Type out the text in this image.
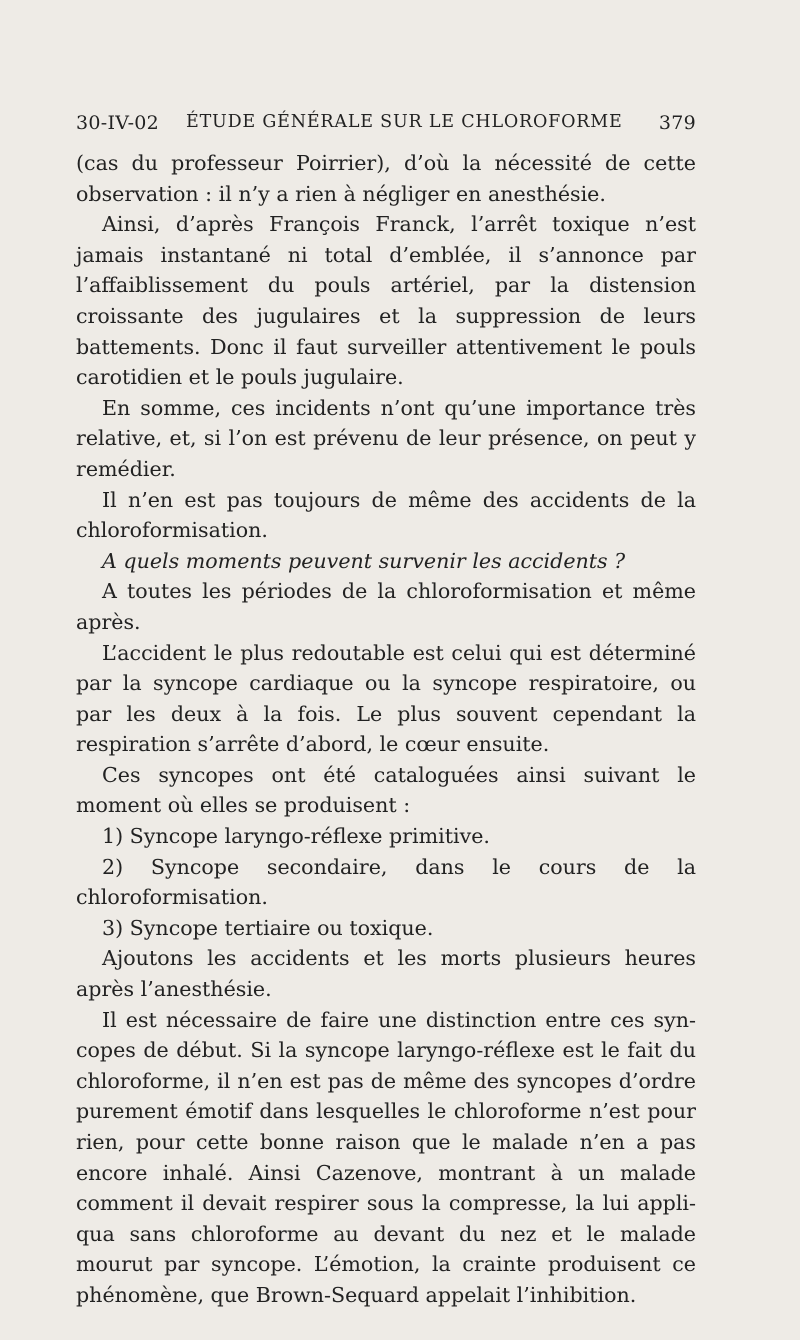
30-IV-02 ÉTUDE GÉNÉRALE SUR LE CHLOROFORME 379

(cas du professeur Poirrier), d’où la nécessité de cette observation : il n’y a rien à négliger en anesthésie.

Ainsi, d’après François Franck, l’arrêt toxique n’est jamais instantané ni total d’emblée, il s’annonce par l’affaiblissement du pouls artériel, par la distension croissante des jugulaires et la suppression de leurs battements. Donc il faut surveiller attentivement le pouls carotidien et le pouls jugulaire.

En somme, ces incidents n’ont qu’une importance très relative, et, si l’on est prévenu de leur présence, on peut y remédier.

Il n’en est pas toujours de même des accidents de la chloroformisation.

A quels moments peuvent survenir les accidents ?

A toutes les périodes de la chloroformisation et même après.

L’accident le plus redoutable est celui qui est déterminé par la syncope cardiaque ou la syncope respiratoire, ou par les deux à la fois. Le plus souvent cependant la respiration s’arrête d’abord, le cœur ensuite.

Ces syncopes ont été cataloguées ainsi suivant le moment où elles se produisent :

1) Syncope laryngo-réflexe primitive.

2) Syncope secondaire, dans le cours de la chloroformisation.

3) Syncope tertiaire ou toxique.

Ajoutons les accidents et les morts plusieurs heures après l’anesthésie.

Il est nécessaire de faire une distinction entre ces syncopes de début. Si la syncope laryngo-réflexe est le fait du chloroforme, il n’en est pas de même des syncopes d’ordre purement émotif dans lesquelles le chloroforme n’est pour rien, pour cette bonne raison que le malade n’en a pas encore inhalé. Ainsi Cazenove, montrant à un malade comment il devait respirer sous la compresse, la lui appliqua sans chloroforme au devant du nez et le malade mourut par syncope. L’émotion, la crainte produisent ce phénomène, que Brown-Sequard appelait l’inhibition.
